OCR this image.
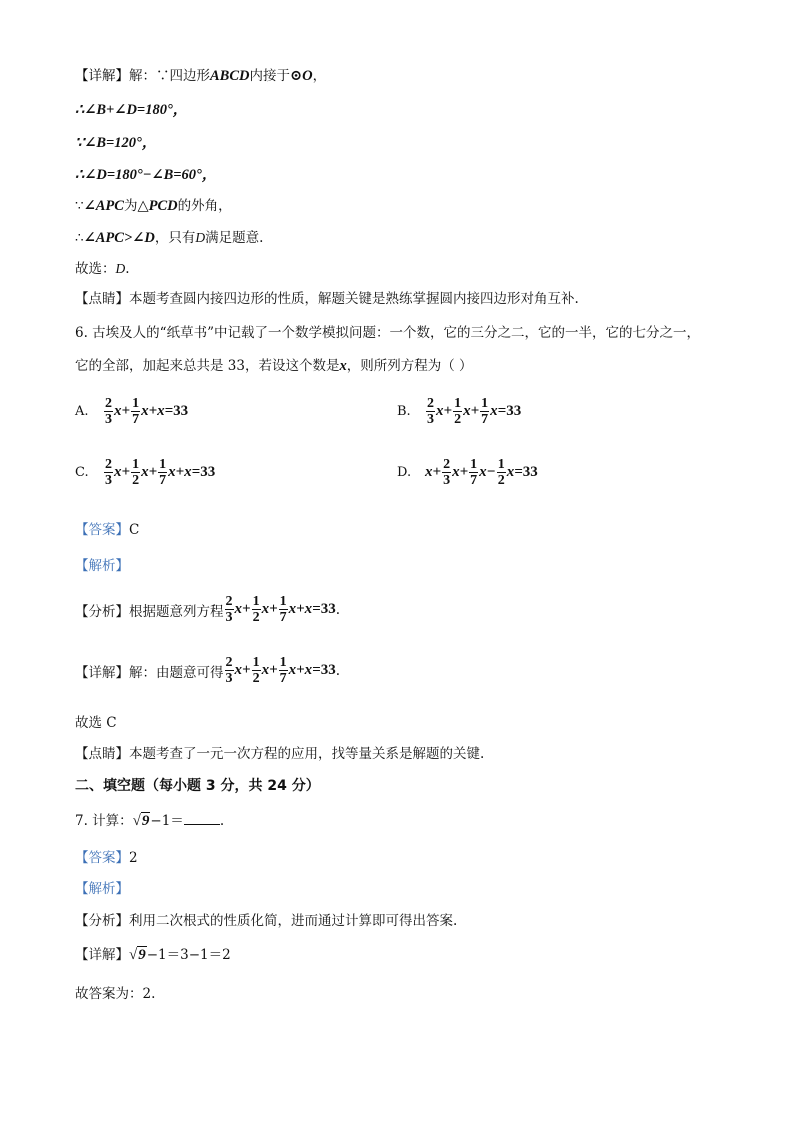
【详解】解：∵四边形ABCD内接于⊙O，
∴∠B+∠D=180°，
∵∠B=120°，
∴∠D=180°−∠B=60°，
∵∠APC为△PCD的外角，
∴∠APC>∠D，只有D满足题意.
故选：D.
【点睛】本题考查圆内接四边形的性质，解题关键是熟练掌握圆内接四边形对角互补.
6. 古埃及人的“纸草书”中记载了一个数学模拟问题：一个数，它的三分之二，它的一半，它的七分之一，
它的全部，加起来总共是 33，若设这个数是x，则所列方程为（ ）
A.	$\frac{2}{3} x+ \frac{1}{7} x+x=33$	B.	$\frac{2}{3} x+ \frac{1}{2} x+ \frac{1}{7} x=33$
C.	$\frac{2}{3} x+ \frac{1}{2} x+ \frac{1}{7} x+x=33$	D. $x+ \frac{2}{3} x+ \frac{1}{7} x- \frac{1}{2} x=33$
【答案】C
【解析】
【分析】 根据题意列方程 $\frac{2}{3} x+ \frac{1}{2} x+ \frac{1}{7} x+x=33$ .
【详解】 解：由题意可得 $\frac{2}{3} x+ \frac{1}{2} x+ \frac{1}{7} x+x=33$ .
故选 C
【点睛】本题考查了一元一次方程的应用，找等量关系是解题的关键.
二、填空题（每小题 3 分，共 24 分）
7. 计算：√9−1＝	.
【答案】2
【解析】
【分析】利用二次根式的性质化简，进而通过计算即可得出答案.
【详解】√9−1＝3−1＝2
故答案为：2.
